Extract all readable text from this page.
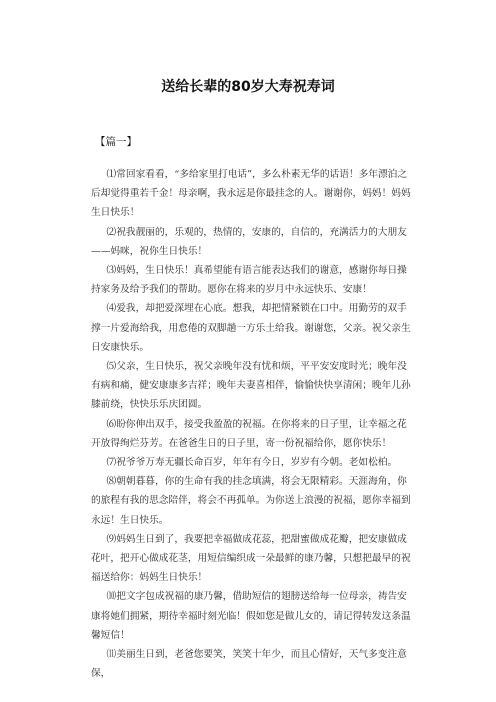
送给长辈的80岁大寿祝寿词
【篇一】

⑴常回家看看，“多给家里打电话”，多么朴素无华的话语！多年漂泊之后却觉得重若千金！母亲啊，我永远是你最挂念的人。谢谢你，妈妈！妈妈生日快乐！

⑵祝我靓丽的，乐观的，热情的，安康的，自信的，充满活力的大朋友——妈咪，祝你生日快乐！

⑶妈妈，生日快乐！真希望能有语言能表达我们的谢意，感谢你每日操持家务及给予我们的帮助。愿你在将来的岁月中永远快乐、安康！

⑷爱我，却把爱深埋在心底。想我，却把情紧锁在口中。用勤劳的双手撑一片爱海给我，用怠倦的双脚趟一方乐土给我。谢谢您，父亲。祝父亲生日安康快乐。

⑸父亲，生日快乐，祝父亲晚年没有忧和烦，平平安安度时光；晚年没有病和痛，健安康康多吉祥；晚年夫妻喜相伴，愉愉快快享清闲；晚年儿孙膝前绕，快快乐乐庆团圆。

⑹盼你伸出双手，接受我盈盈的祝福。在你将来的日子里，让幸福之花开放得绚烂芬芳。在爸爸生日的日子里，寄一份祝福给你，愿你快乐！

⑺祝爷爷万寿无疆长命百岁，年年有今日，岁岁有今朝。老如松柏。

⑻朝朝暮暮，你的生命有我的挂念填满，将会无限精彩。天涯海角，你的旅程有我的思念陪伴，将会不再孤单。为你送上浪漫的祝福，愿你幸福到永远！生日快乐。

⑼妈妈生日到了，我要把幸福做成花蕊，把甜蜜做成花瓣，把安康做成花叶，把开心做成花茎，用短信编织成一朵最鲜的康乃馨，只想把最早的祝福送给你：妈妈生日快乐！

⑽把文字包成祝福的康乃馨，借助短信的翅膀送给每一位母亲，祷告安康将她们拥紧，期待幸福时刻光临！假如您是做儿女的，请记得转发这条温馨短信！

⑾美丽生日到，老爸您要笑，笑笑十年少，而且心情好，天气多变注意保，
